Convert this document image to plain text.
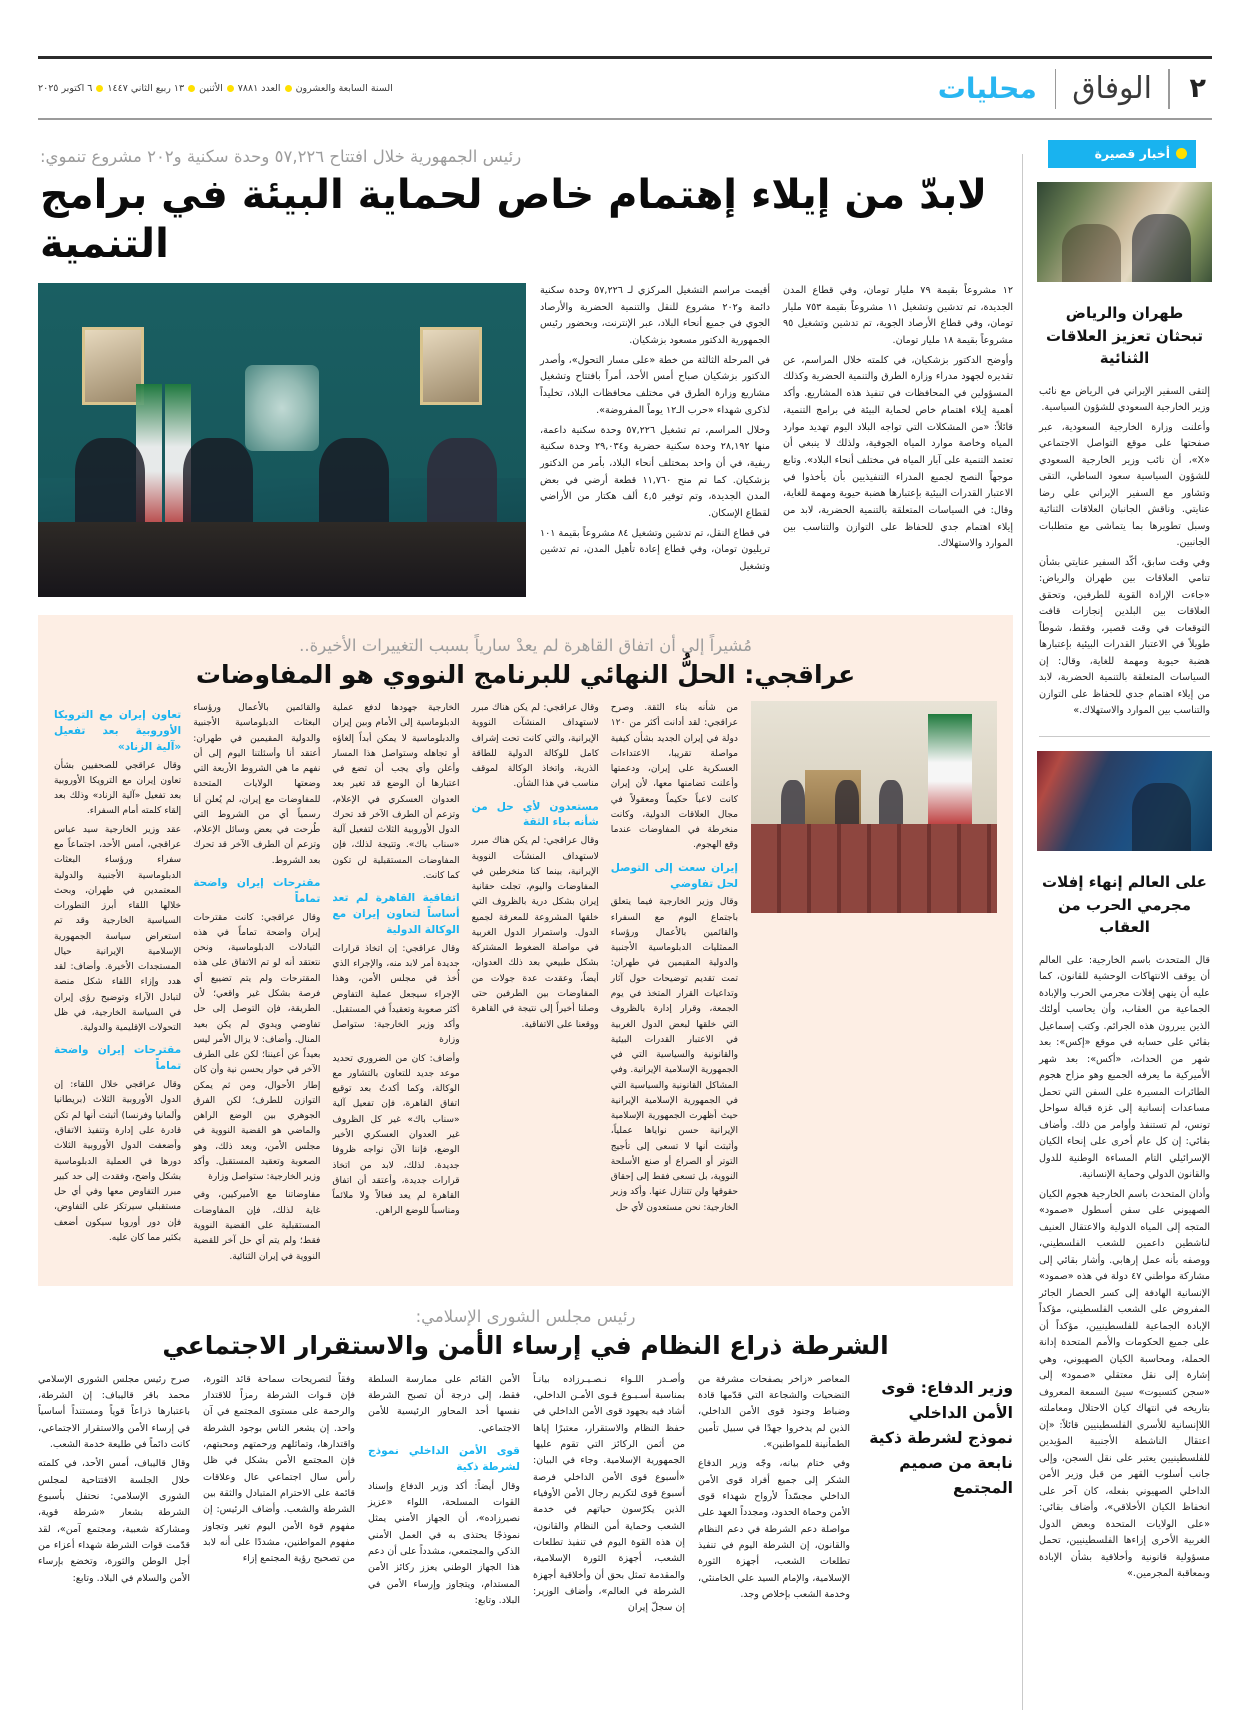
٢
الوفاق
محليات
السنة السابعة والعشرون
العدد ٧٨٨١
الأثنين
١٣ ربيع الثاني ١٤٤٧
٦ اكتوبر ٢٠٢٥
أخبار قصيرة
طهران والرياض تبحثان تعزيز العلاقات الثنائية

إلتقى السفير الإيراني في الرياض مع نائب وزير الخارجية السعودي للشؤون السياسية.

وأعلنت وزارة الخارجية السعودية، عبر صفحتها على موقع التواصل الاجتماعي «X»، أن نائب وزير الخارجية السعودي للشؤون السياسية سعود الساطي، التقى وتشاور مع السفير الإيراني علي رضا عنايتي. وناقش الجانبان العلاقات الثنائية وسبل تطويرها بما يتماشى مع متطلبات الجانبين.

وفي وقت سابق، أكّد السفير عنايتي بشأن تنامي العلاقات بين طهران والرياض: «جاءت الإرادة القوية للطرفين، وتحقق العلاقات بين البلدين إنجازات قافت التوقعات في وقت قصير، وفقط، شوطاً طويلاً في الاعتبار القدرات البيئية بإعتبارها هضبة حيوية ومهمة للغاية، وقال: إن السياسات المتعلقة بالتنمية الحضرية، لابد من إيلاء اهتمام جدي للحفاظ على التوازن والتناسب بين الموارد والاستهلاك.»

على العالم إنهاء إفلات مجرمي الحرب من العقاب

قال المتحدث باسم الخارجية: على العالم أن يوقف الانتهاكات الوحشية للقانون، كما عليه أن ينهي إفلات مجرمي الحرب والإبادة الجماعية من العقاب، وأن يحاسب أولئك الذين يبررون هذه الجرائم. وكتب إسماعيل بقائي على حسابه في موقع «إكس»: بعد شهر من الحداث، «أكس»: بعد شهر الأميركية ما يعرفه الجميع وهو مزاح هجوم الطائرات المسيرة على السفن التي تحمل مساعدات إنسانية إلى غزة قبالة سواحل تونس، لم تستنفذ وأوامر من ذلك. وأضاف بقائي: إن كل عام أخرى على إنحاء الكيان الإسرائيلي التام المساءة الوطنية للدول والقانون الدولي وحماية الإنسانية.

وأدان المتحدث باسم الخارجية هجوم الكيان الصهيوني على سفن أسطول «صمود» المتجه إلى المياه الدولية والاعتقال العنيف لناشطين داعمين للشعب الفلسطيني، ووصفه بأنه عمل إرهابي. وأشار بقائي إلى مشاركة مواطني ٤٧ دولة في هذه «صمود» الإنسانية الهادفة إلى كسر الحصار الجائر المفروض على الشعب الفلسطيني، مؤكداً الإبادة الجماعية للفلسطينيين، مؤكداً أن على جميع الحكومات والأمم المتحدة إدانة الحملة، ومحاسبة الكيان الصهيوني، وهي إشارة إلى نقل معتقلي «صمود» إلى «سجن كتسيوت» سيئ السمعة المعروف بتاريخه في انتهاك كيان الاحتلال ومعاملته اللاإنسانية للأسرى الفلسطينيين قائلاً: «إن اعتقال الناشطة الأجنبية المؤيدين للفلسطينيين يعتبر على نقل السجن، وإلى جانب أسلوب القهر من قبل وزير الأمن الداخلي الصهيوني بفعله، كان آخر على انخفاظ الكيان الأخلاقي»، وأضاف بقائي: «على الولايات المتحدة وبعض الدول الغربية الأخرى إزاءها الفلسطينيين، تحمل مسؤولية قانونية وأخلاقية بشأن الإبادة وبمعاقبة المجرمين.»

رئيس الجمهورية خلال افتتاح ٥٧,٢٢٦ وحدة سكنية و٢٠٢ مشروع تنموي:
لابدّ من إيلاء إهتمام خاص لحماية البيئة في برامج التنمية

١٢ مشروعاً بقيمة ٧٩ مليار تومان، وفي قطاع المدن الجديدة، تم تدشين وتشغيل ١١ مشروعاً بقيمة ٧٥٣ مليار تومان، وفي قطاع الأرصاد الجوية، تم تدشين وتشغيل ٩٥ مشروعاً بقيمة ١٨ مليار تومان.

وأوضح الدكتور بزشكيان، في كلمته خلال المراسم، عن تقديره لجهود مدراء وزارة الطرق والتنمية الحضرية وكذلك المسؤولين في المحافظات في تنفيذ هذه المشاريع. وأكد أهمية إيلاء اهتمام خاص لحماية البيئة في برامج التنمية، قائلاً: «من المشكلات التي تواجه البلاد اليوم تهديد موارد المياه وخاصة موارد المياه الجوفية، ولذلك لا ينبغي أن تعتمد التنمية على آبار المياه في مختلف أنحاء البلاد». وتابع موجهاً النصح لجميع المدراء التنفيذيين بأن يأخذوا في الاعتبار القدرات البيئية بإعتبارها هضبة حيوية ومهمة للغاية، وقال: في السياسات المتعلقة بالتنمية الحضرية، لابد من إيلاء اهتمام جدي للحفاظ على التوازن والتناسب بين الموارد والاستهلاك.

أقيمت مراسم التشغيل المركزي لـ ٥٧,٢٢٦ وحدة سكنية دائمة و٢٠٢ مشروع للنقل والتنمية الحضرية والأرصاد الجوي في جميع أنحاء البلاد، عبر الإنترنت، وبحضور رئيس الجمهورية الدكتور مسعود بزشكيان.

في المرحلة الثالثة من خطة «على مسار التحول»، وأصدر الدكتور بزشكيان صباح أمس الأحد، أمراً بافتتاح وتشغيل مشاريع وزارة الطرق في مختلف محافظات البلاد، تخليداً لذكرى شهداء «حرب الـ١٢ يوماً المفروضة».

وخلال المراسم، تم تشغيل ٥٧,٢٢٦ وحدة سكنية داعمة، منها ٢٨,١٩٢ وحدة سكنية حضرية و٢٩,٠٣٤ وحدة سكنية ريفية، في أن واحد بمختلف أنحاء البلاد، بأمر من الدكتور بزشكيان. كما تم منح ١١,٧٦٠ قطعة أرضي في بعض المدن الجديدة، وتم توفير ٤,٥ ألف هكتار من الأراضي لقطاع الإسكان.

في قطاع النقل، تم تدشين وتشغيل ٨٤ مشروعاً بقيمة ١٠١ تريليون تومان، وفي قطاع إعادة تأهيل المدن، تم تدشين وتشغيل

مُشيراً إلى أن اتفاق القاهرة لم يعدْ سارياً بسبب التغييرات الأخيرة..
عراقجي: الحلُّ النهائي للبرنامج النووي هو المفاوضات

من شأنه بناء الثقة. وصرح عراقجي: لقد أدانت أكثر من ١٢٠ دولة في إيران الجديد بشأن كيفية مواصلة تقريبا، الاعتداءات العسكرية على إيران، ودعمتها وأعلنت تضامنها معها، لأن إيران كانت لاعباً حكيماً ومعقولاً في مجال العلاقات الدولية، وكانت منخرطة في المفاوضات عندما وقع الهجوم.

إيران سعت إلى التوصل لحل تفاوضي

وقال وزير الخارجية فيما يتعلق باجتماع اليوم مع السفراء والقائمين بالأعمال ورؤساء الممثليات الدبلوماسية الأجنبية والدولية المقيمين في طهران: تمت تقديم توضيحات حول آثار وتداعيات القرار المتخذ في يوم الجمعة، وقرار إدارة بالظروف التي خلقها لبعض الدول الغربية في الاعتبار القدرات البيئية والقانونية والسياسية التي في الجمهورية الإسلامية الإيرانية. وفي المشاكل القانونية والسياسية التي في الجمهورية الإسلامية الإيرانية حيث أظهرت الجمهورية الإسلامية الإيرانية حسن نواياها عملياً، وأثبتت أنها لا تسعى إلى تأجيج التوتر أو الصراع أو صنع الأسلحة النووية، بل تسعى فقط إلى إحقاق حقوقها ولن تتنازل عنها. وأكد وزير الخارجية: نحن مستعدون لأي حل

وقال عراقجي: لم يكن هناك مبرر لاستهداف المنشآت النووية الإيرانية، والتي كانت تحت إشراف كامل للوكالة الدولية للطاقة الذرية، واتخاذ الوكالة لموقف مناسب في هذا الشأن.

مستعدون لأي حل من شأنه بناء الثقة

وقال عراقجي: لم يكن هناك مبرر لاستهداف المنشآت النووية الإيرانية، بينما كنا منخرطين في المفاوضات واليوم، تجلت حقانية إيران بشكل درية بالظروف التي خلقها المشروعة للمعرفة لجميع الدول. واستمرار الدول الغربية في مواصلة الضغوط المشتركة بشكل طبيعي بعد ذلك العدوان، أيضاً، وعقدت عدة جولات من المفاوضات بين الطرفين حتى وصلنا أخيراً إلى نتيجة في القاهرة ووقعنا على الاتفاقية.

الخارجية جهودها لدفع عملية الدبلوماسية إلى الأمام وبين إيران والدبلوماسية لا يمكن أبداً إلغاؤه أو تجاهله وستواصل هذا المسار وأعلن وأي يجب أن تضع في اعتبارها أن الوضع قد تغير بعد العدوان العسكري في الإعلام، وتزعم أن الطرف الآخر قد تحرك الدول الأوروبية الثلاث لتفعيل آلية «سناب باك». وتتيجة لذلك، فإن المفاوضات المستقبلية لن تكون كما كانت.

اتفاقية القاهرة لم تعد أساساً لتعاون إيران مع الوكالة الدولية

وقال عراقجي: إن اتخاذ قرارات جديدة أمر لابد منه، والإجراء الذي أُخذ في مجلس الأمن، وهذا الإجراء سيجعل عملية التفاوض أكثر صعوبة وتعقيداً في المستقبل. وأكد وزير الخارجية: ستواصل وزارة

وأضاف: كان من الضروري تحديد موعد جديد للتعاون بالتشاور مع الوكالة، وكما أكدتُ بعد توقيع اتفاق القاهرة، فإن تفعيل آلية «سناب باك» غير كل الظروف غير العدوان العسكري الأخير الوضع، فإننا الآن نواجه ظروفا جديدة. لذلك، لابد من اتخاذ قرارات جديدة، وأعتقد أن اتفاق القاهرة لم يعد فعالاً ولا ملائماً ومناسباً للوضع الراهن.

والقائمين بالأعمال ورؤساء البعثات الدبلوماسية الأجنبية والدولية المقيمين في طهران: أعتقد أنا وأسئلتنا اليوم إلى أن نفهم ما هي الشروط الأربعة التي وضعتها الولايات المتحدة للمفاوضات مع إيران، لم يُعلن أنا رسمياً أي من الشروط التي طُرحت في بعض وسائل الإعلام، وتزعم أن الطرف الآخر قد تحرك بعد الشروط.

مقترحات إيران واضحة تماماً

وقال عراقجي: كانت مقترحات إيران واضحة تماماً في هذه التبادلات الدبلوماسية، ونحن نتعتقد أنه لو تم الاتفاق على هذه المقترحات ولم يتم تضييع أي فرصة بشكل غير واقعي؛ لأن الطريقة، فإن التوصل إلى حل تفاوضي ويدوي لم يكن بعيد المنال. وأضاف: لا يزال الأمر ليس بعيداً عن أعيننا؛ لكن على الطرف الآخر في حوار يحسن نية وأن كان إطار الأحوال، ومن ثم يمكن التوازن للطرف؛ لكن الفرق الجوهري بين الوضع الراهن والماضي هو القضية النووية في مجلس الأمن، وبعد ذلك، وهو الصعوبة وتعقيد المستقبل. وأكد وزير الخارجية: ستواصل وزارة

مفاوضاتنا مع الأميركيين، وفي غاية لذلك، فإن المفاوضات المستقبلية على القضية النووية فقط؛ ولم يتم أي حل آخر للقضية النووية في إيران الثنائية.

تعاون إيران مع الترويكا الأوروبية بعد تفعيل «آلية الزناد»

وقال عراقجي للصحفيين بشأن تعاون إيران مع الترويكا الأوروبية بعد تفعيل «آلية الزناد» وذلك بعد إلقاء كلمته أمام السفراء.

عقد وزير الخارجية سيد عباس عراقجي، أمس الأحد، اجتماعاً مع سفراء ورؤساء البعثات الدبلوماسية الأجنبية والدولية المعتمدين في طهران، وبحث خلالها اللقاء أبرز التطورات السياسية الخارجية وقد تم استعراض سياسة الجمهورية الإسلامية الإيرانية حيال المستجدات الأخيرة. وأضاف: لقد هدد وإزاء اللقاء شكل منصة لتبادل الآراء وتوضيح رؤى إيران في السياسة الخارجية، في ظل التحولات الإقليمية والدولية.

مقترحات إيران واضحة تماماً

وقال عراقجي خلال اللقاء: إن الدول الأوروبية الثلاث (بريطانيا وألمانيا وفرنسا) أثبتت أنها لم تكن قادرة على إدارة وتنفيذ الاتفاق، وأضعفت الدول الأوروبية الثلاث دورها في العملية الدبلوماسية بشكل واضح، وفقدت إلى حد كبير مبرر التفاوض معها وفي أي حل مستقبلي سيرتكز على التفاوض، فإن دور أوروبا سيكون أضعف بكثير مما كان عليه.

رئيس مجلس الشورى الإسلامي:
الشرطة ذراع النظام في إرساء الأمن والاستقرار الاجتماعي
وزير الدفاع: قوى الأمن الداخلي نموذج لشرطة ذكية نابعة من صميم المجتمع

المعاصر «زاخر بصفحات مشرفة من التضحيات والشجاعة التي قدّمها قادة وضباط وجنود قوى الأمن الداخلي، الذين لم يدخروا جهدًا في سبيل تأمين الطمأنينة للمواطنين».

وفي ختام بيانه، وجّه وزير الدفاع الشكر إلى جميع أفراد قوى الأمن الداخلي مجسّداً لأرواح شهداء قوى الأمن وحماة الحدود، ومجدداً العهد على مواصلة دعم الشرطة في دعم النظام والقانون، إن الشرطة اليوم في تنفيذ تطلعات الشعب، أجهزة الثورة الإسلامية، والإمام السيد علي الخامنئي، وخدمة الشعب بإخلاص وجد.

وأصـدر اللـواء نـصـيـرزاده بيانـاً بمناسبة أسـبـوع قـوى الأمـن الداخلي، أشاد فيه بجهود قوى الأمن الداخلي في حفظ النظام والاستقرار، معتبرًا إياها من أثمن الركائز التي تقوم عليها الجمهورية الإسلامية. وجاء في البيان: «أسبوع قوى الأمن الداخلي فرصة أسبوع قوى لتكريم رجال الأمن الأوفياء الذين يكرّسون حياتهم في خدمة الشعب وحماية أمن النظام والقانون، إن هذه القوة اليوم في تنفيذ تطلعات الشعب، أجهزة الثورة الإسلامية، والمقدمة تمثل بحق أن وأخلاقية أجهزة الشرطة في العالم»، وأضاف الوزير: إن سجلّ إيران

الأمن القائم على ممارسة السلطة فقط، إلى درجة أن تصبح الشرطة نفسها أحد المحاور الرئيسية للأمن الاجتماعي.

قوى الأمن الداخلي نموذج لشرطة ذكية

وقال أيضاً: أكد وزير الدفاع وإسناد القوات المسلحة، اللواء «عزيز نصيرزاده»، أن الجهاز الأمني يمثل نموذجًا يحتذى به في العمل الأمني الذكي والمجتمعي، مشدداً على أن دعم هذا الجهاز الوطني يعزز ركائز الأمن المستدام، ويتجاوز وإرساء الأمن في البلاد. وتابع:

وفقاً لتصريحات سماحة قائد الثورة، فإن قـوات الشرطة رمزاً للاقتدار والرحمة على مستوى المجتمع في آن واحد. إن يشعر الناس بوجود الشرطة واقتدارها، وتماثلهم ورحمتهم ومحبتهم، فإن المجتمع الأمن بشكل في ظل رأس سال اجتماعي عال وعلاقات قائمة على الاحترام المتبادل والثقة بين الشرطة والشعب. وأضاف الرئيس: إن مفهوم قوة الأمن اليوم تغير وتجاوز مفهوم المواطنين، مشددًا على أنه لابد من تصحيح رؤية المجتمع إزاء

صرح رئيس مجلس الشورى الإسلامي محمد باقر قاليباف: إن الشرطة، باعتبارها ذراعاً قوياً ومستنداً أساسياً في إرساء الأمن والاستقرار الاجتماعي، كانت دائماً في طليعة خدمة الشعب.

وقال قاليباف، أمس الأحد، في كلمته خلال الجلسة الافتتاحية لمجلس الشورى الإسلامي: نحتفل بأسبوع الشرطة بشعار «شرطة قوية، ومشاركة شعبية، ومجتمع آمن»، لقد قدّمت قوات الشرطة شهداء أعزاء من أجل الوطن والثورة، وتخضع بإرساء الأمن والسلام في البلاد. وتابع:
